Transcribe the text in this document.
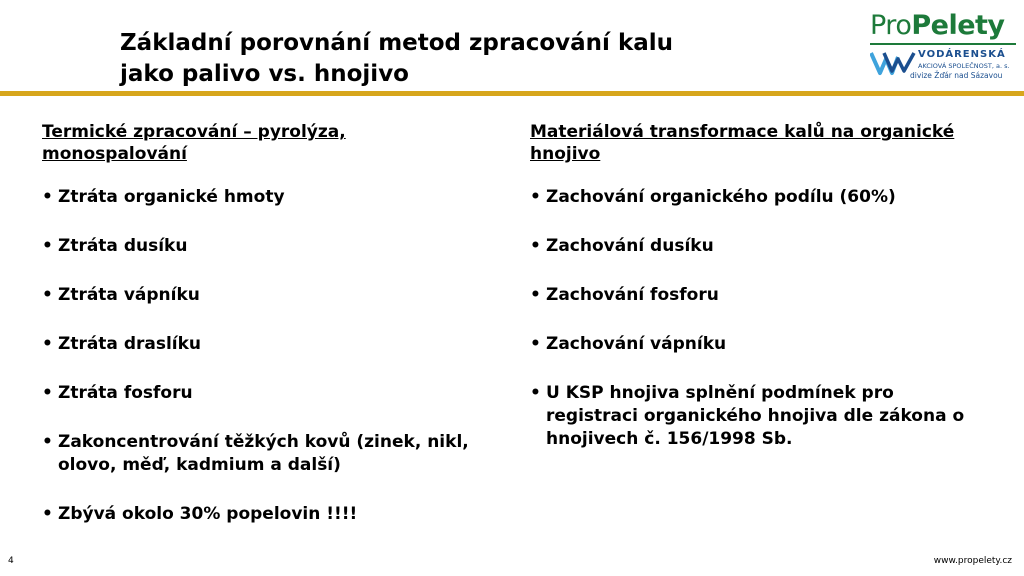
Základní porovnání metod zpracování kalu
jako palivo vs. hnojivo
ProPelety
VODÁRENSKÁ
AKCIOVÁ SPOLEČNOST, a. s.
divize Žďár nad Sázavou
Termické zpracování – pyrolýza,
monospalování
• Ztráta organické hmoty
• Ztráta dusíku
• Ztráta vápníku
• Ztráta draslíku
• Ztráta fosforu
• Zakoncentrování těžkých kovů (zinek, nikl,
olovo, měď, kadmium a další)
• Zbývá okolo 30% popelovin !!!!
Materiálová transformace kalů na organické
hnojivo
• Zachování organického podílu (60%)
• Zachování dusíku
• Zachování fosforu
• Zachování vápníku
• U KSP hnojiva splnění podmínek pro
registraci organického hnojiva dle zákona o
hnojivech č. 156/1998 Sb.
4	www.propelety.cz
